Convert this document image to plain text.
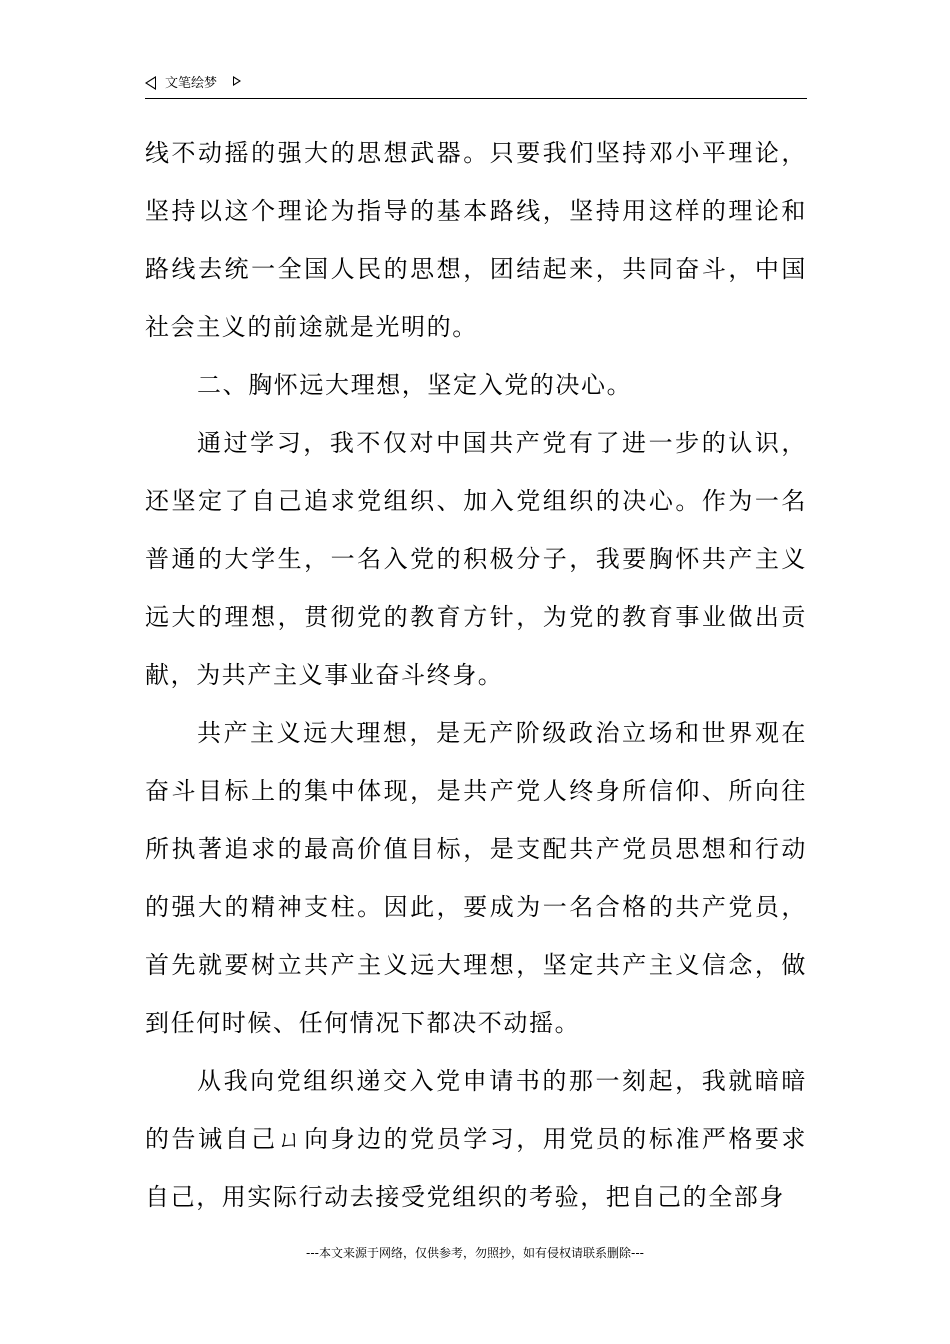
文笔绘梦

线不动摇的强大的思想武器。只要我们坚持邓小平理论，坚持以这个理论为指导的基本路线，坚持用这样的理论和路线去统一全国人民的思想，团结起来，共同奋斗，中国社会主义的前途就是光明的。

二、胸怀远大理想，坚定入党的决心。

通过学习，我不仅对中国共产党有了进一步的认识，还坚定了自己追求党组织、加入党组织的决心。作为一名普通的大学生，一名入党的积极分子，我要胸怀共产主义远大的理想，贯彻党的教育方针，为党的教育事业做出贡献，为共产主义事业奋斗终身。

共产主义远大理想，是无产阶级政治立场和世界观在奋斗目标上的集中体现，是共产党人终身所信仰、所向往所执著追求的最高价值目标，是支配共产党员思想和行动的强大的精神支柱。因此，要成为一名合格的共产党员，首先就要树立共产主义远大理想，坚定共产主义信念，做到任何时候、任何情况下都决不动摇。

从我向党组织递交入党申请书的那一刻起，我就暗暗的告诫自己ㄩ向身边的党员学习，用党员的标准严格要求自己，用实际行动去接受党组织的考验，把自己的全部身

---本文来源于网络，仅供参考，勿照抄，如有侵权请联系删除---
